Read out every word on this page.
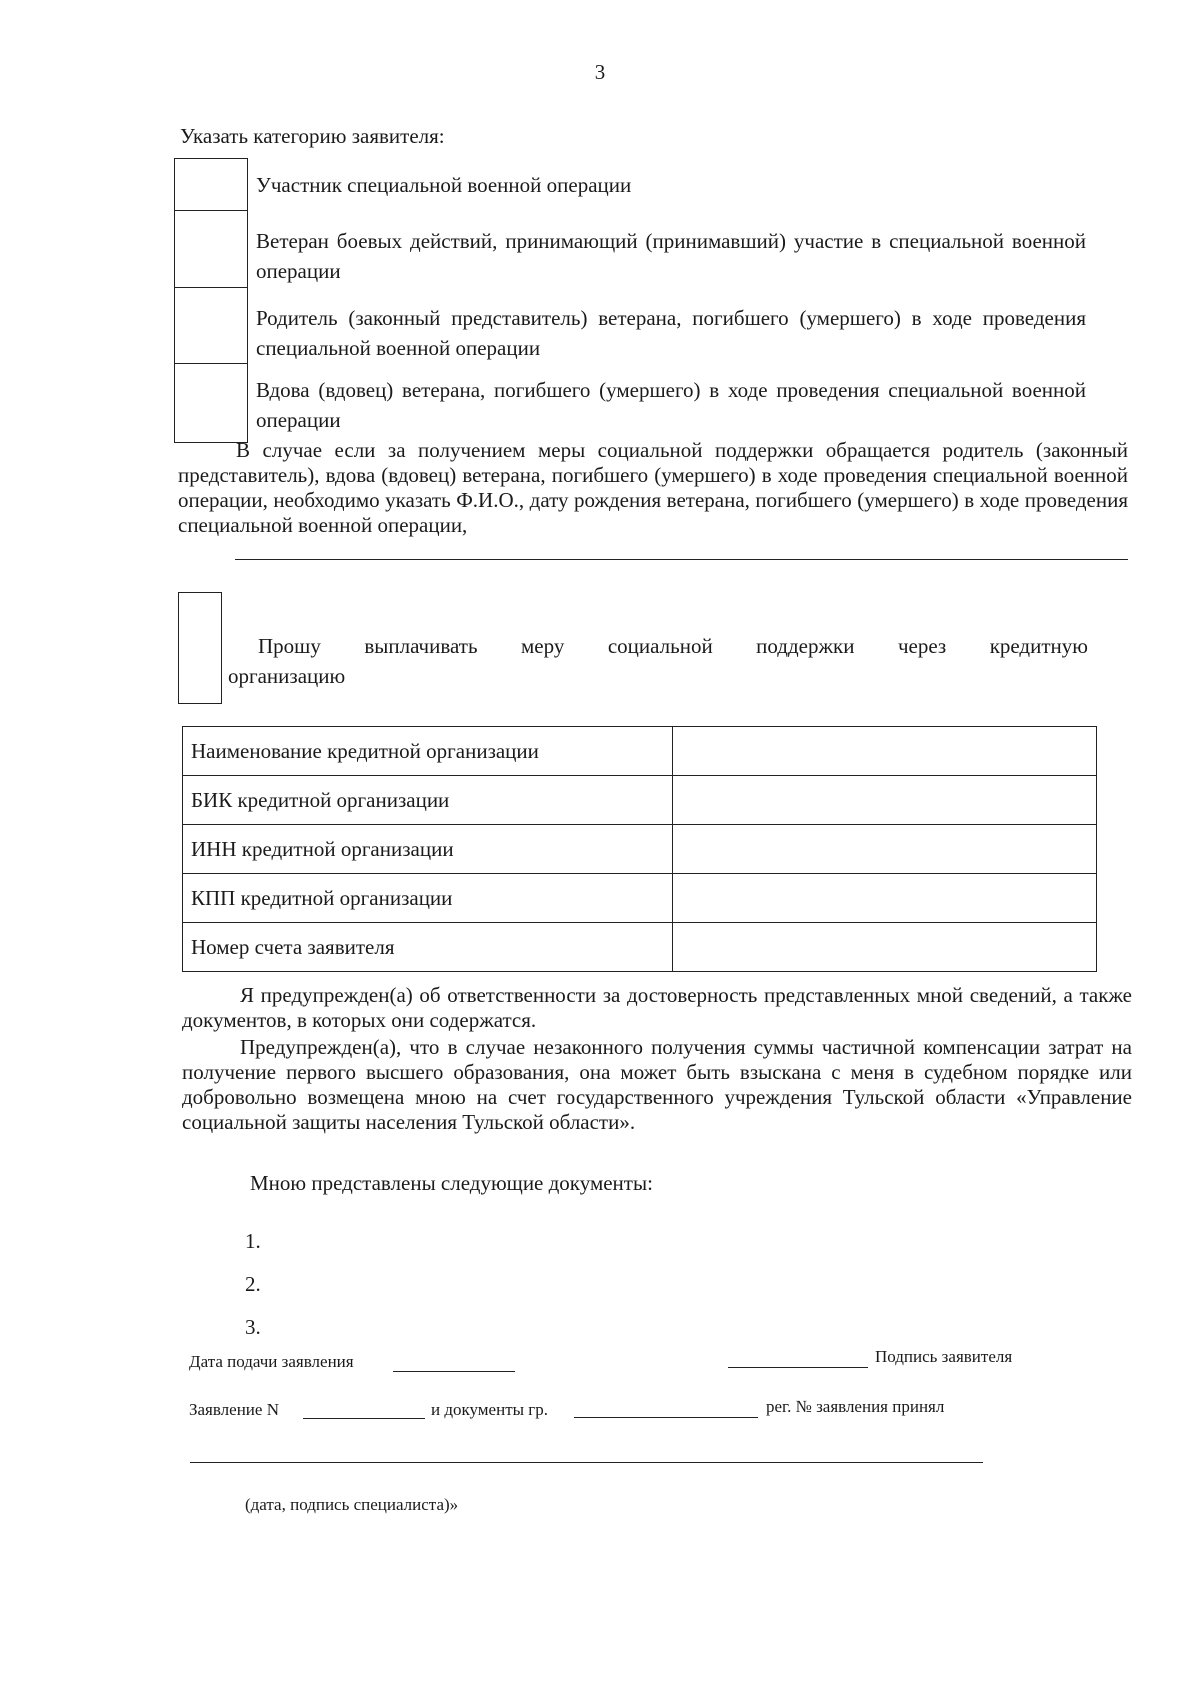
3
Указать категорию заявителя:
Участник специальной военной операции
Ветеран боевых действий, принимающий (принимавший) участие в специальной военной операции
Родитель (законный представитель) ветерана, погибшего (умершего) в ходе проведения специальной военной операции
Вдова (вдовец) ветерана, погибшего (умершего) в ходе проведения специальной военной операции
В случае если за получением меры социальной поддержки обращается родитель (законный представитель), вдова (вдовец) ветерана, погибшего (умершего) в ходе проведения специальной военной операции, необходимо указать Ф.И.О., дату рождения ветерана, погибшего (умершего) в ходе проведения специальной военной операции,
Прошу выплачивать меру социальной поддержки через кредитную
организацию
Наименование кредитной организации	
БИК кредитной организации	
ИНН кредитной организации	
КПП кредитной организации	
Номер счета заявителя	
Я предупрежден(а) об ответственности за достоверность представленных мной сведений, а также документов, в которых они содержатся.
Предупрежден(а), что в случае незаконного получения суммы частичной компенсации затрат на получение первого высшего образования, она может быть взыскана с меня в судебном порядке или добровольно возмещена мною на счет государственного учреждения Тульской области «Управление социальной защиты населения Тульской области».
Мною представлены следующие документы:
1.
2.
3.
Дата подачи заявления	Подпись заявителя
Заявление N	и документы гр.	рег. № заявления принял
(дата, подпись специалиста)»
